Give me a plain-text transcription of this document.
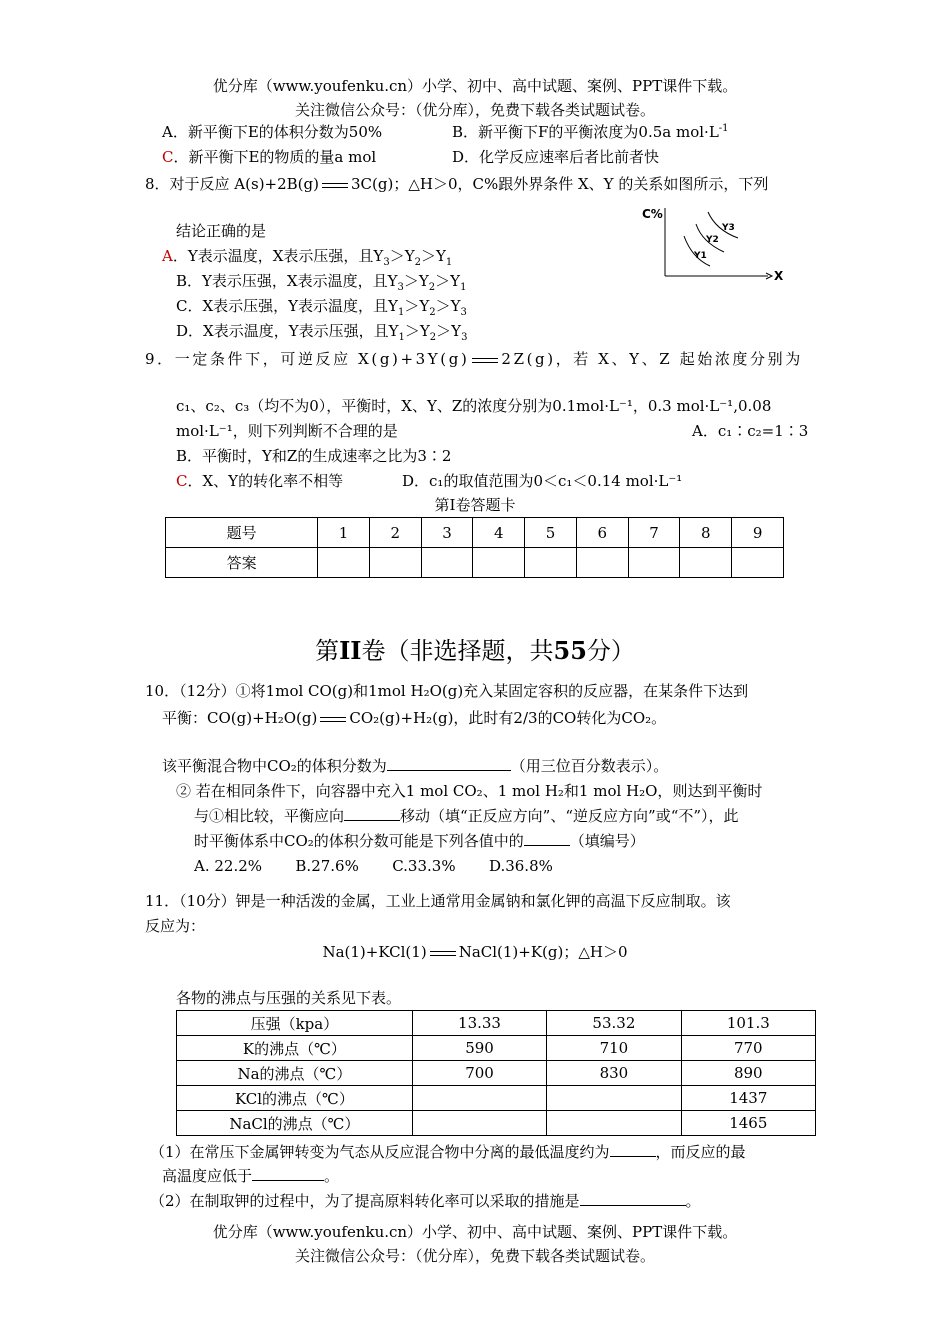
优分库（www.youfenku.cn）小学、初中、高中试题、案例、PPT课件下载。
关注微信公众号：（优分库），免费下载各类试题试卷。
A．新平衡下E的体积分数为50%	B．新平衡下F的平衡浓度为0.5a $mol\cdot L^{-1}$
C．新平衡下E的物质的量a mol	D．化学反应速率后者比前者快
8．对于反应 A(s)+2B(g) 3C(g)；△H＞0，C%跟外界条件 X、Y 的关系如图所示，下列
结论正确的是
A．Y表示温度，X表示压强，且$Y_3>Y_2>Y_1$
B．Y表示压强，X表示温度，且$Y_3>Y_2>Y_1$
C．X表示压强，Y表示温度，且$Y_1>Y_2>Y_3$
D．X表示温度，Y表示压强，且$Y_1>Y_2>Y_3$
C%
X
Y1
Y2
Y3
9．一定条件下，可逆反应 X(g)+3Y(g) 2Z(g)，若 X、Y、Z 起始浓度分别为
c₁、c₂、c₃（均不为0），平衡时，X、Y、Z的浓度分别为0.1mol·L⁻¹，0.3 mol·L⁻¹,0.08
mol·L⁻¹，则下列判断不合理的是	A．c₁∶c₂=1∶3
B．平衡时，Y和Z的生成速率之比为3∶2
C．X、Y的转化率不相等	D．c₁的取值范围为0＜c₁＜0.14 mol·L⁻¹
第I卷答题卡
题号	1	2	3	4	5	6	7	8	9
答案									
第II卷（非选择题，共55分）
10．（12分）①将1mol CO(g)和1mol H₂O(g)充入某固定容积的反应器，在某条件下达到
平衡：CO(g)+H₂O(g) CO₂(g)+H₂(g)，此时有2/3的CO转化为CO₂。
该平衡混合物中CO₂的体积分数为	（用三位百分数表示）。
② 若在相同条件下，向容器中充入1 mol CO₂、1 mol H₂和1 mol H₂O，则达到平衡时
与①相比较，平衡应向	移动（填“正反应方向”、“逆反应方向”或“不”），此
时平衡体系中CO₂的体积分数可能是下列各值中的	（填编号）
A. 22.2%       B.27.6%       C.33.3%       D.36.8%
11．（10分）钾是一种活泼的金属，工业上通常用金属钠和氯化钾的高温下反应制取。该
反应为：
Na(1)+KCl(1) NaCl(1)+K(g)；△H＞0
各物的沸点与压强的关系见下表。
压强（kpa）	13.33	53.32	101.3
K的沸点（℃）	590	710	770
Na的沸点（℃）	700	830	890
KCl的沸点（℃）			1437
NaCl的沸点（℃）			1465
（1）在常压下金属钾转变为气态从反应混合物中分离的最低温度约为	，而反应的最
高温度应低于	。
（2）在制取钾的过程中，为了提高原料转化率可以采取的措施是	。
优分库（www.youfenku.cn）小学、初中、高中试题、案例、PPT课件下载。
关注微信公众号：（优分库），免费下载各类试题试卷。
